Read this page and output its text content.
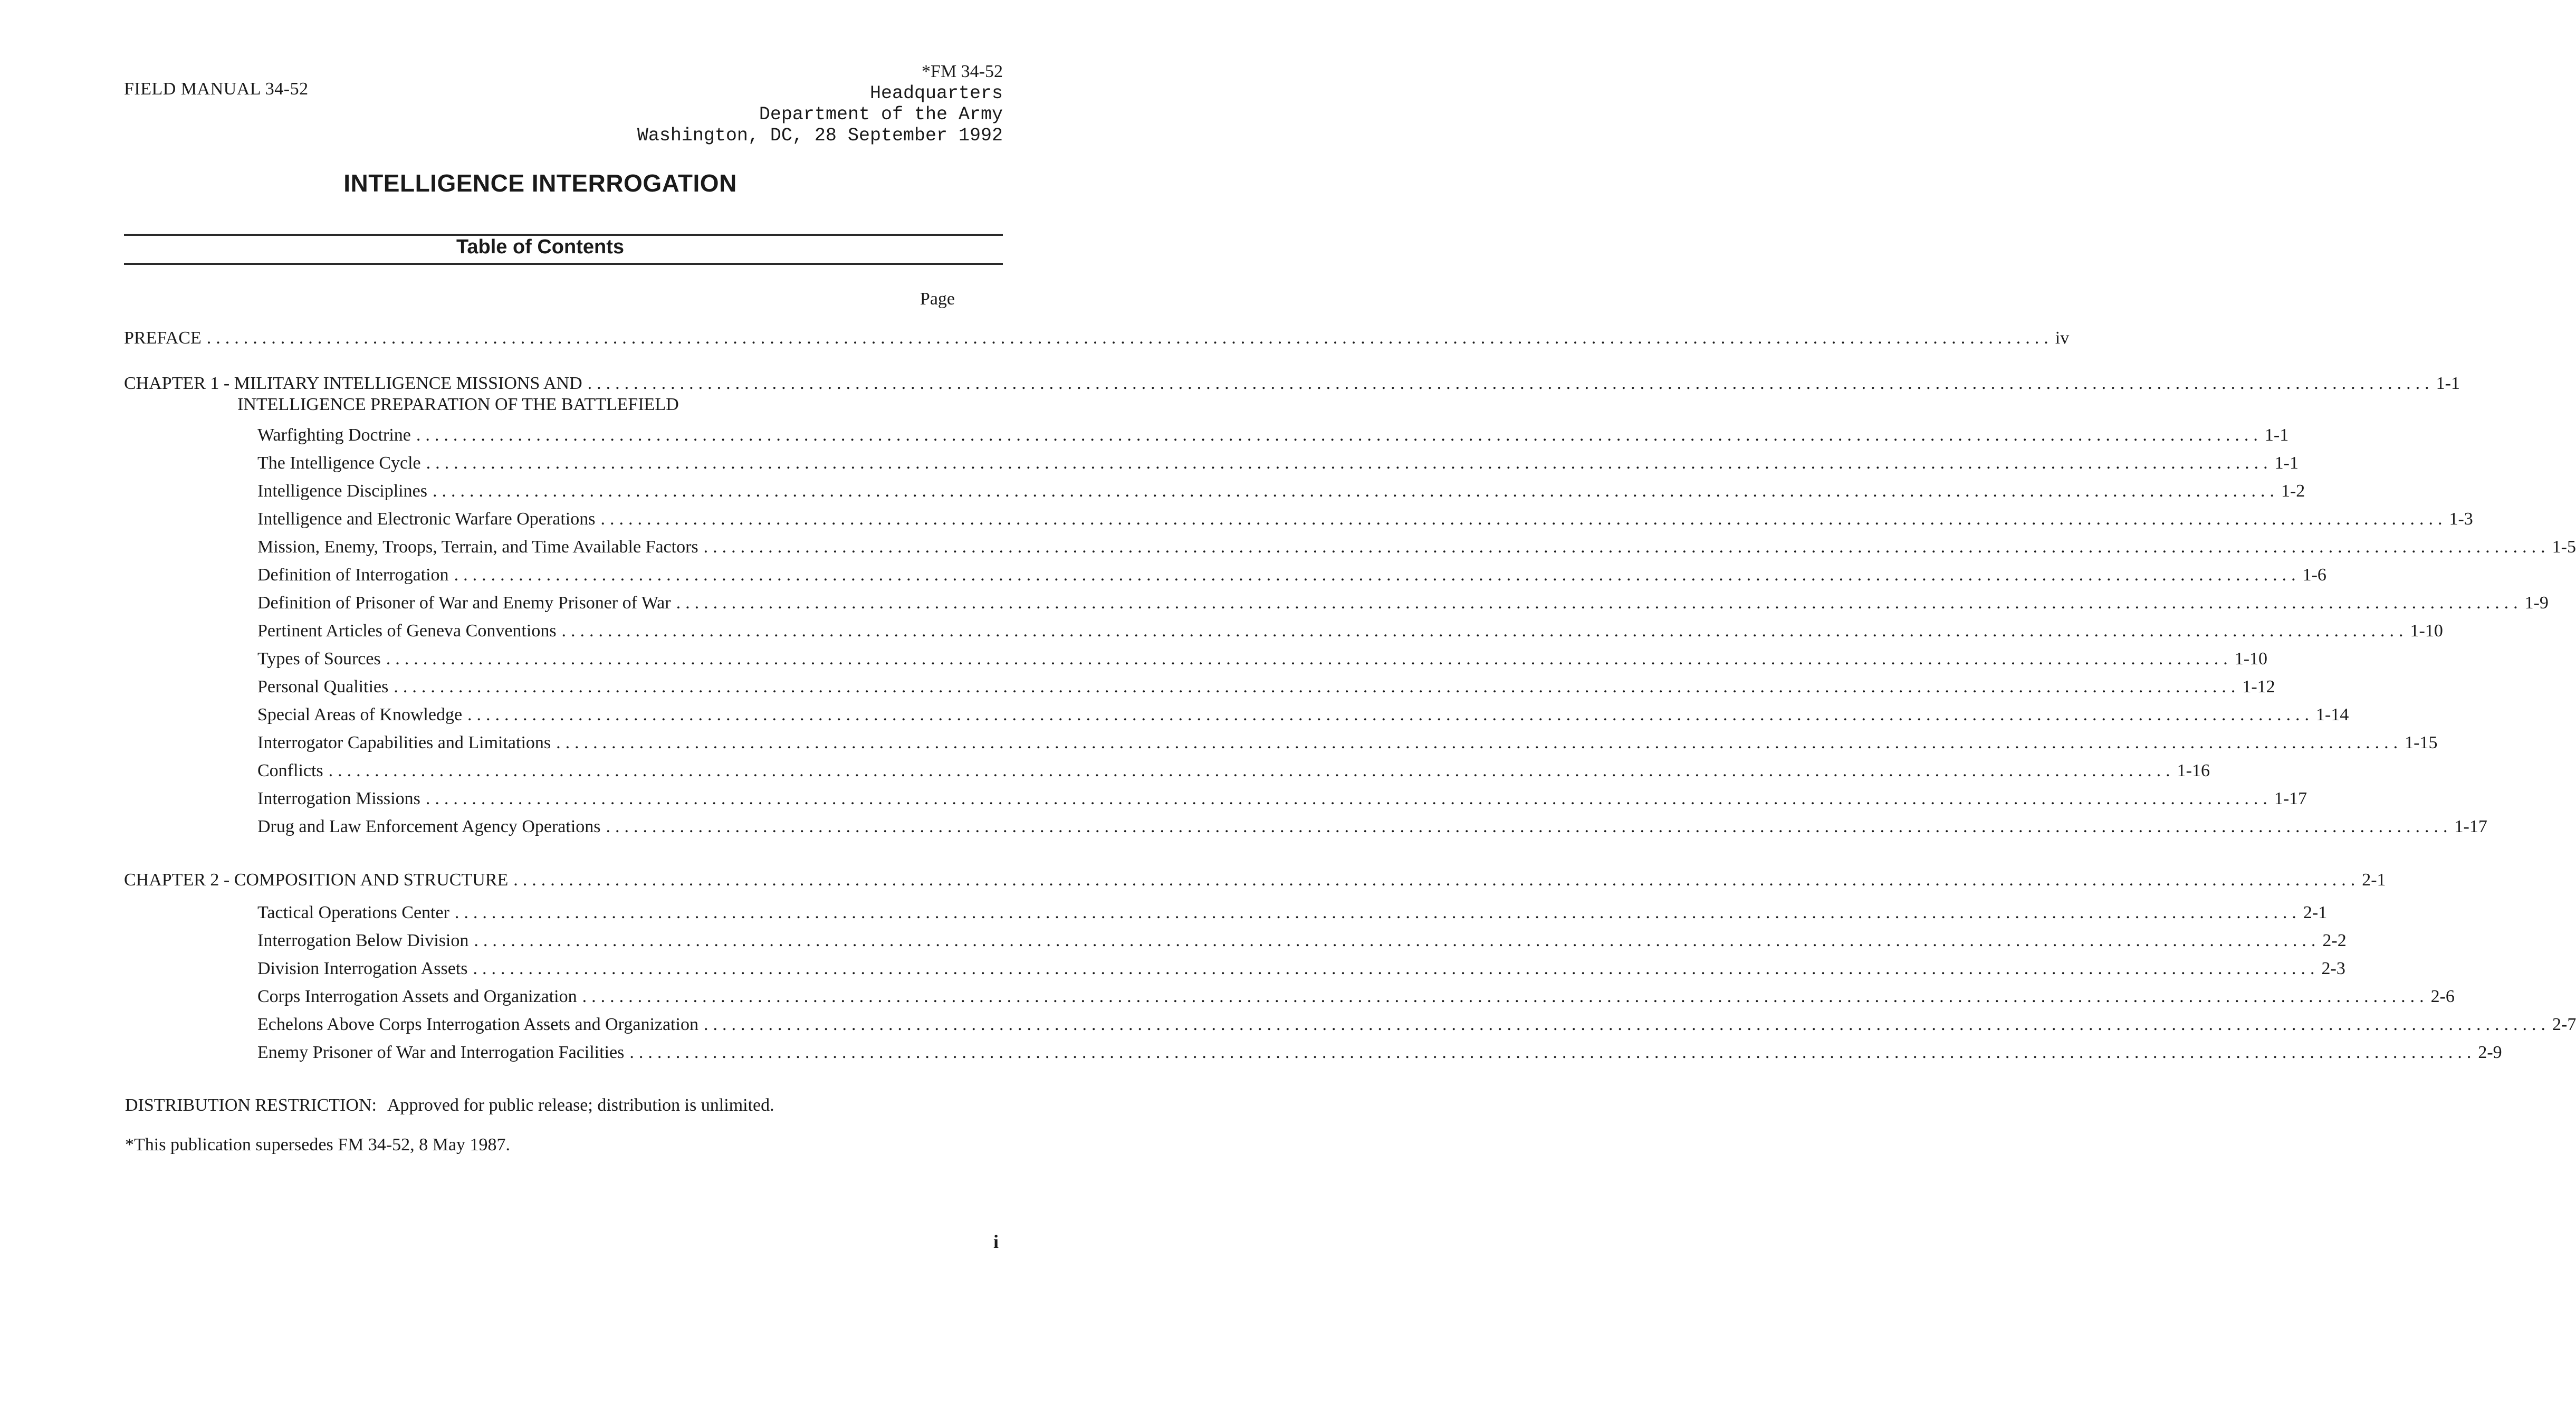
FIELD MANUAL 34-52
*FM 34-52
Headquarters
Department of the Army
Washington, DC, 28 September 1992
INTELLIGENCE INTERROGATION
Table of Contents
Page
PREFACE ........................................................................................................................................................................................................ iv
CHAPTER 1 - MILITARY INTELLIGENCE MISSIONS AND ........................................................................................................................................................................................................ 1-1
INTELLIGENCE PREPARATION OF THE BATTLEFIELD
Warfighting Doctrine ........................................................................................................................................................................................................ 1-1
The Intelligence Cycle ........................................................................................................................................................................................................ 1-1
Intelligence Disciplines ........................................................................................................................................................................................................ 1-2
Intelligence and Electronic Warfare Operations ........................................................................................................................................................................................................ 1-3
Mission, Enemy, Troops, Terrain, and Time Available Factors ........................................................................................................................................................................................................ 1-5
Definition of Interrogation ........................................................................................................................................................................................................ 1-6
Definition of Prisoner of War and Enemy Prisoner of War ........................................................................................................................................................................................................ 1-9
Pertinent Articles of Geneva Conventions ........................................................................................................................................................................................................ 1-10
Types of Sources ........................................................................................................................................................................................................ 1-10
Personal Qualities ........................................................................................................................................................................................................ 1-12
Special Areas of Knowledge ........................................................................................................................................................................................................ 1-14
Interrogator Capabilities and Limitations ........................................................................................................................................................................................................ 1-15
Conflicts ........................................................................................................................................................................................................ 1-16
Interrogation Missions ........................................................................................................................................................................................................ 1-17
Drug and Law Enforcement Agency Operations ........................................................................................................................................................................................................ 1-17
CHAPTER 2 - COMPOSITION AND STRUCTURE ........................................................................................................................................................................................................ 2-1
Tactical Operations Center ........................................................................................................................................................................................................ 2-1
Interrogation Below Division ........................................................................................................................................................................................................ 2-2
Division Interrogation Assets ........................................................................................................................................................................................................ 2-3
Corps Interrogation Assets and Organization ........................................................................................................................................................................................................ 2-6
Echelons Above Corps Interrogation Assets and Organization ........................................................................................................................................................................................................ 2-7
Enemy Prisoner of War and Interrogation Facilities ........................................................................................................................................................................................................ 2-9
DISTRIBUTION RESTRICTION: Approved for public release; distribution is unlimited.
*This publication supersedes FM 34-52, 8 May 1987.
i
